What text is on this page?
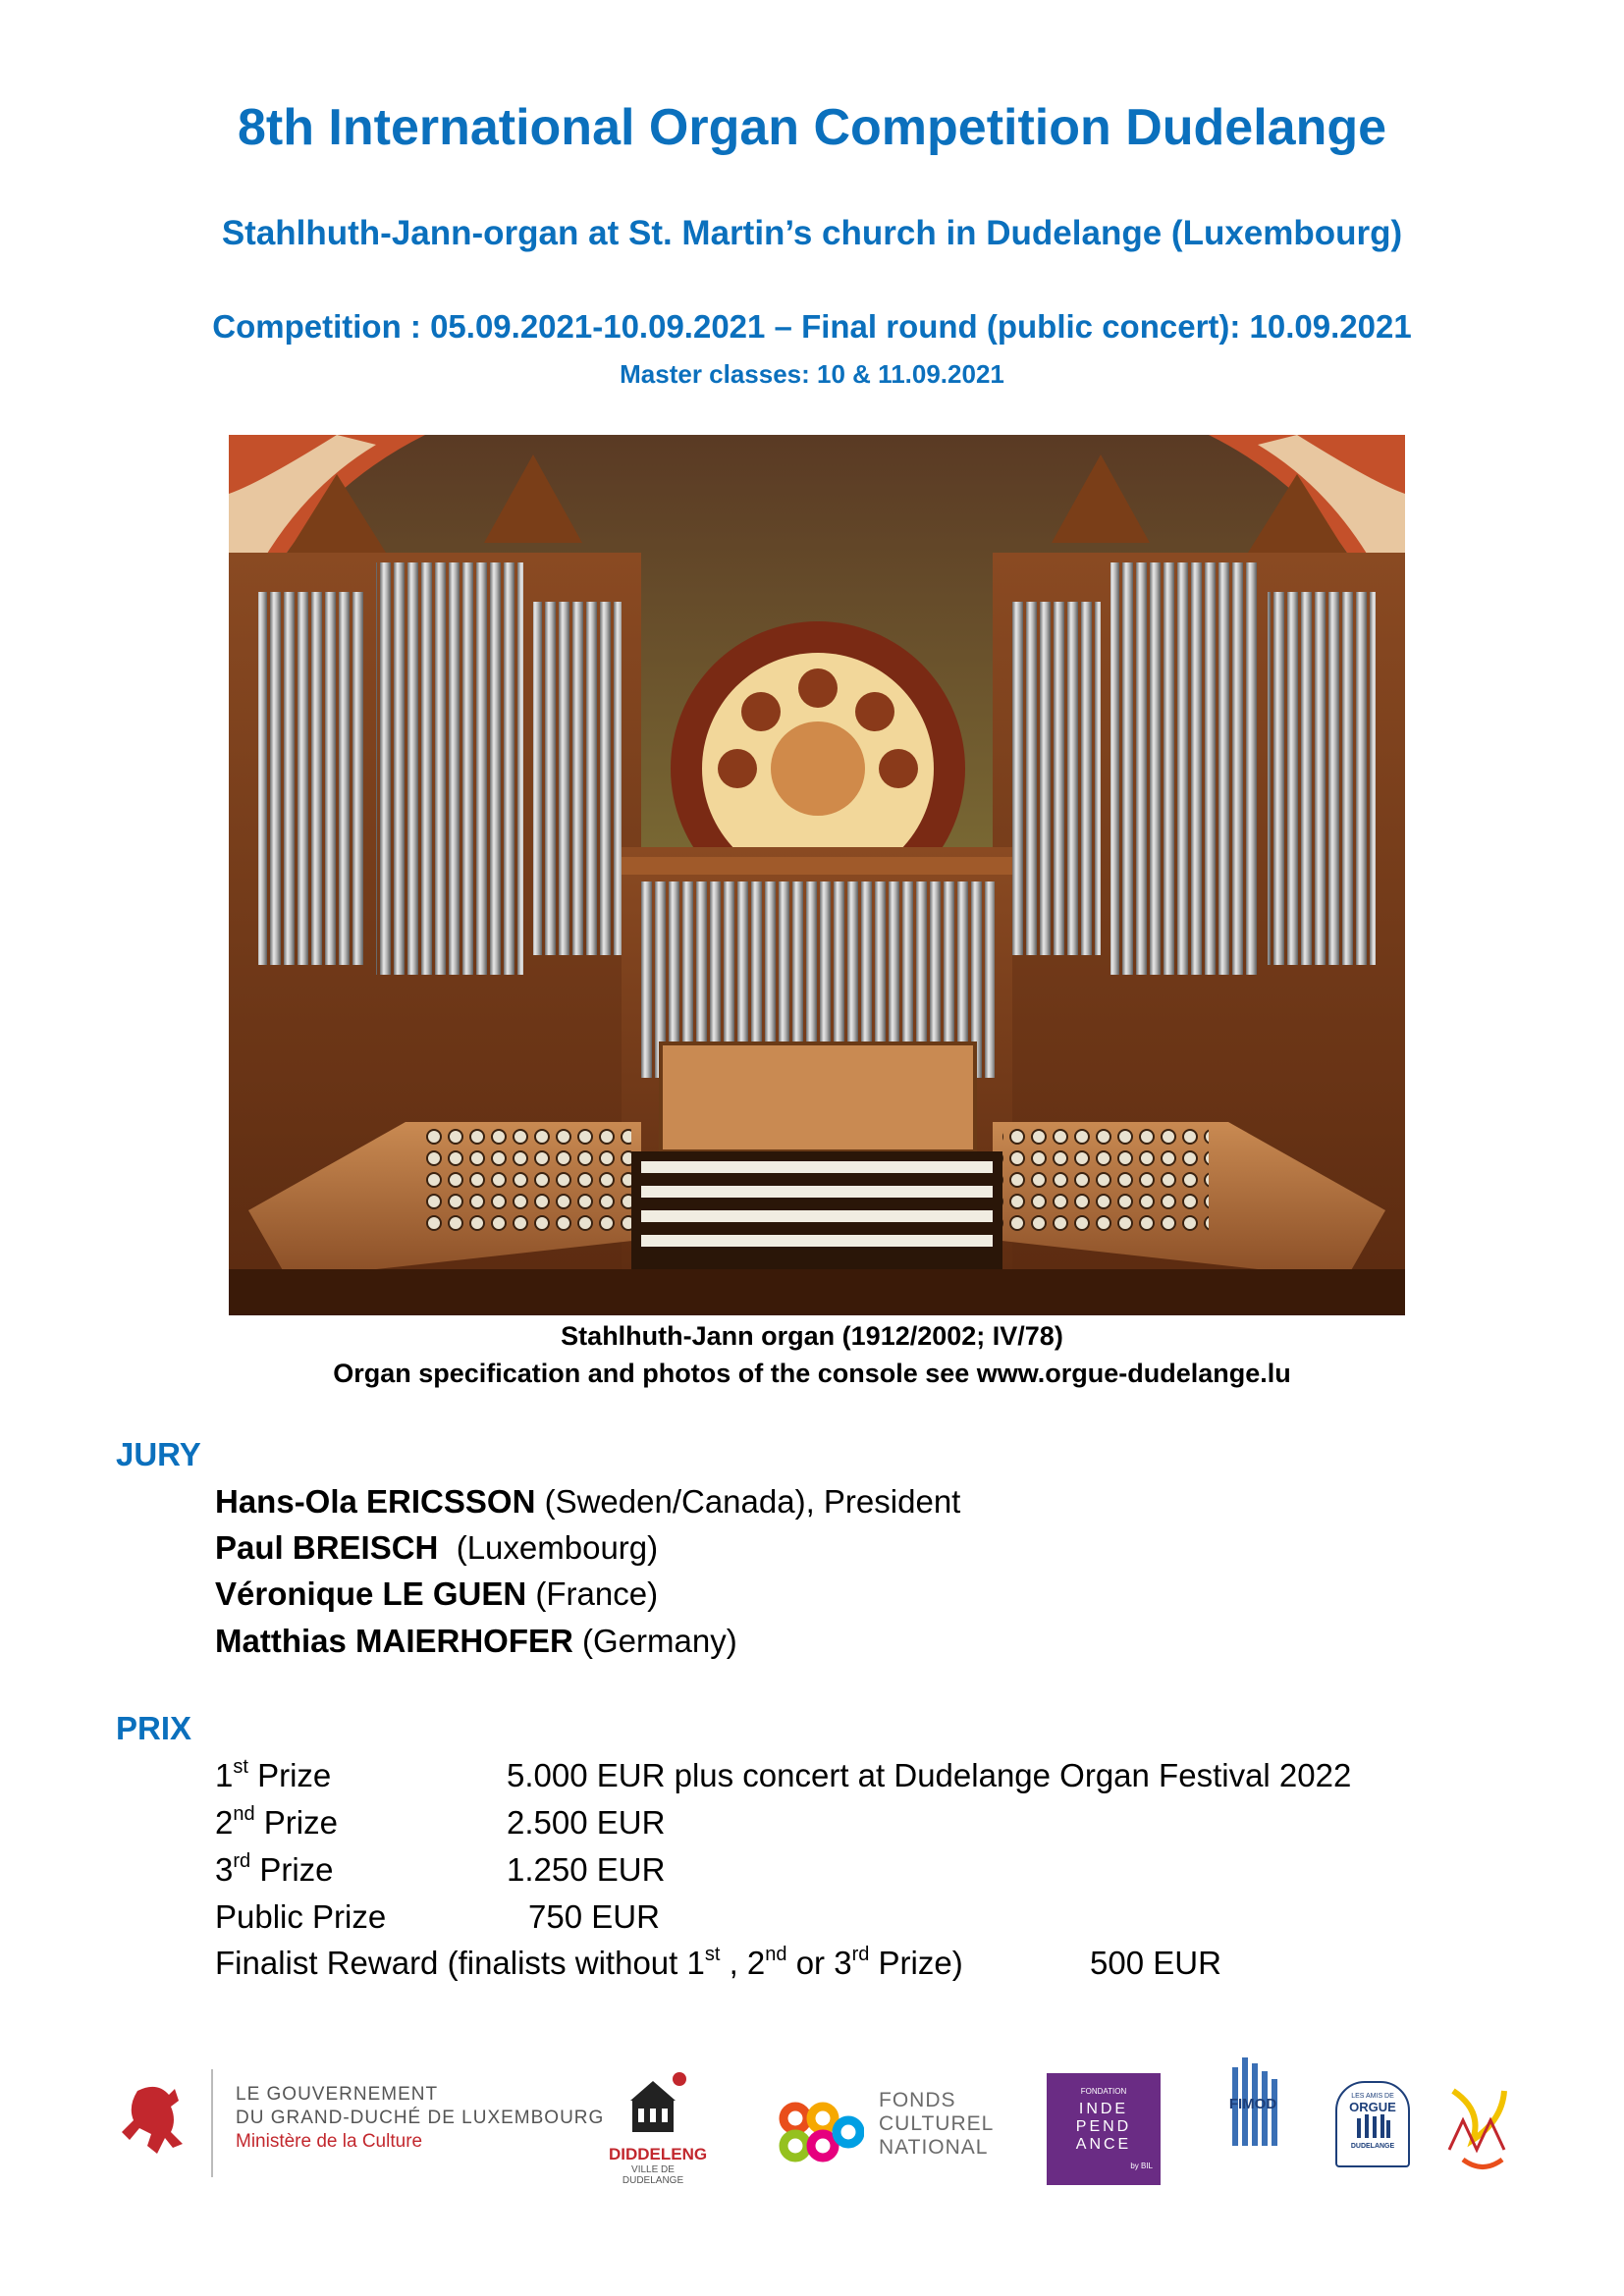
8th International Organ Competition Dudelange
Stahlhuth-Jann-organ at St. Martin’s church in Dudelange (Luxembourg)
Competition : 05.09.2021-10.09.2021 – Final round (public concert): 10.09.2021
Master classes: 10 & 11.09.2021
Stahlhuth-Jann organ (1912/2002; IV/78)
Organ specification and photos of the console see www.orgue-dudelange.lu
JURY
Hans-Ola ERICSSON (Sweden/Canada), President
Paul BREISCH  (Luxembourg)
Véronique LE GUEN (France)
Matthias MAIERHOFER (Germany)
PRIX
1st Prize	5.000 EUR plus concert at Dudelange Organ Festival 2022
2nd Prize	2.500 EUR
3rd Prize	1.250 EUR
Public Prize	750 EUR
Finalist Reward (finalists without 1st , 2nd or 3rd Prize)	500 EUR
LE GOUVERNEMENT
DU GRAND-DUCHÉ DE LUXEMBOURG
Ministère de la Culture
DIDDELENG
VILLE DE DUDELANGE
FONDS
CULTUREL
NATIONAL
FONDATION
INDE
PEND
ANCE
by BIL
FIMOD	LES AMIS DE
ORGUE
DUDELANGE
